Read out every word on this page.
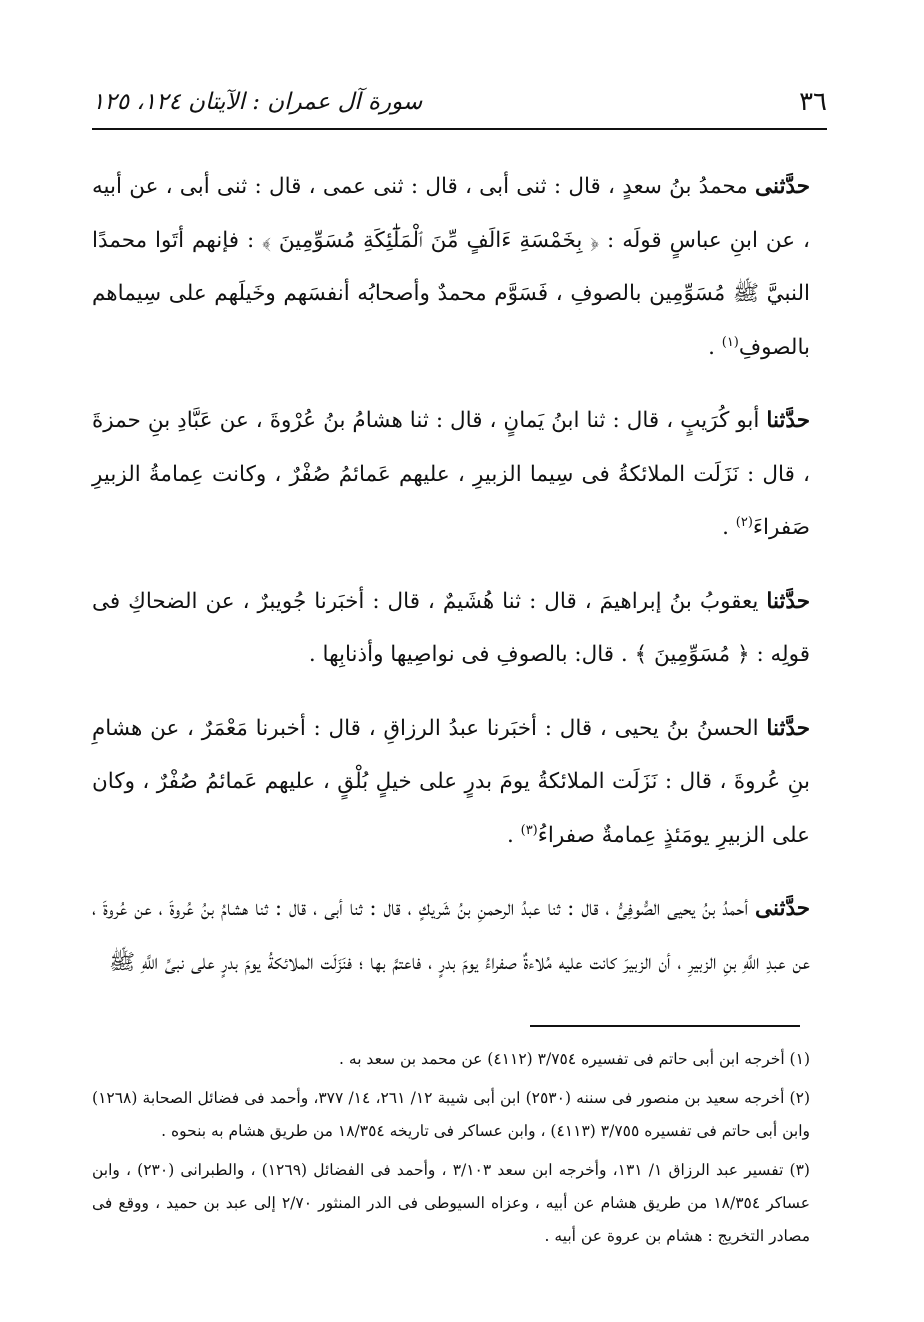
٣٦
سورة آل عمران : الآيتان ١٢٤، ١٢٥

حدَّثنى محمدُ بنُ سعدٍ ، قال : ثنى أبى ، قال : ثنى عمى ، قال : ثنى أبى ، عن أبيه ، عن ابنِ عباسٍ قولَه : ﴿ بِخَمْسَةِ ءَالَفٍ مِّنَ ٱلْمَلَٰٓئِكَةِ مُسَوِّمِينَ ﴾ : فإنهم أتَوا محمدًا النبيَّ ﷺ مُسَوِّمِين بالصوفِ ، فَسَوَّم محمدٌ وأصحابُه أنفسَهم وخَيلَهم على سِيماهم بالصوفِ$^{(١)}$ .

حدَّثنا أبو كُرَيبٍ ، قال : ثنا ابنُ يَمانٍ ، قال : ثنا هشامُ بنُ عُرْوةَ ، عن عَبَّادِ بنِ حمزةَ ، قال : نَزَلَت الملائكةُ فى سِيما الزبيرِ ، عليهم عَمائمُ صُفْرٌ ، وكانت عِمامةُ الزبيرِ صَفراءَ$^{(٢)}$ .

حدَّثنا يعقوبُ بنُ إبراهيمَ ، قال : ثنا هُشَيمٌ ، قال : أخبَرنا جُويبرٌ ، عن الضحاكِ فى قولِه : ﴿ مُسَوِّمِينَ ﴾ . قال: بالصوفِ فى نواصِيها وأذنابِها .

حدَّثنا الحسنُ بنُ يحيى ، قال : أخبَرنا عبدُ الرزاقِ ، قال : أخبرنا مَعْمَرٌ ، عن هشامِ بنِ عُروةَ ، قال : نَزَلَت الملائكةُ يومَ بدرٍ على خيلٍ بُلْقٍ ، عليهم عَمائمُ صُفْرٌ ، وكان على الزبيرِ يومَئذٍ عِمامةٌ صفراءُ$^{(٣)}$ .

حدَّثنى أحمدُ بنُ يحيى الصُّوفِىُّ ، قال : ثنا عبدُ الرحمنِ بنُ شَريكٍ ، قال : ثنا أبى ، قال : ثنا هشامُ بنُ عُروةَ ، عن عُروةَ ، عن عبدِ اللَّهِ بنِ الزبيرِ ، أن الزبيرَ كانت عليه مُلاءةٌ صفراءُ يومَ بدرٍ ، فاعتمَّ بها ؛ فنَزَلَت الملائكةُ يومَ بدرٍ على نبىِّ اللَّهِ ﷺ

(١) أخرجه ابن أبى حاتم فى تفسيره ٣/٧٥٤ (٤١١٢) عن محمد بن سعد به .

(٢) أخرجه سعيد بن منصور فى سننه (٢٥٣٠) ابن أبى شيبة ١٢/ ٢٦١، ١٤/ ٣٧٧، وأحمد فى فضائل الصحابة (١٢٦٨) وابن أبى حاتم فى تفسيره ٣/٧٥٥ (٤١١٣) ، وابن عساكر فى تاريخه ١٨/٣٥٤ من طريق هشام به بنحوه .

(٣) تفسير عبد الرزاق ١/ ١٣١، وأخرجه ابن سعد ٣/١٠٣ ، وأحمد فى الفضائل (١٢٦٩) ، والطبرانى (٢٣٠) ، وابن عساكر ١٨/٣٥٤ من طريق هشام عن أبيه ، وعزاه السيوطى فى الدر المنثور ٢/٧٠ إلى عبد بن حميد ، ووقع فى مصادر التخريج : هشام بن عروة عن أبيه .
